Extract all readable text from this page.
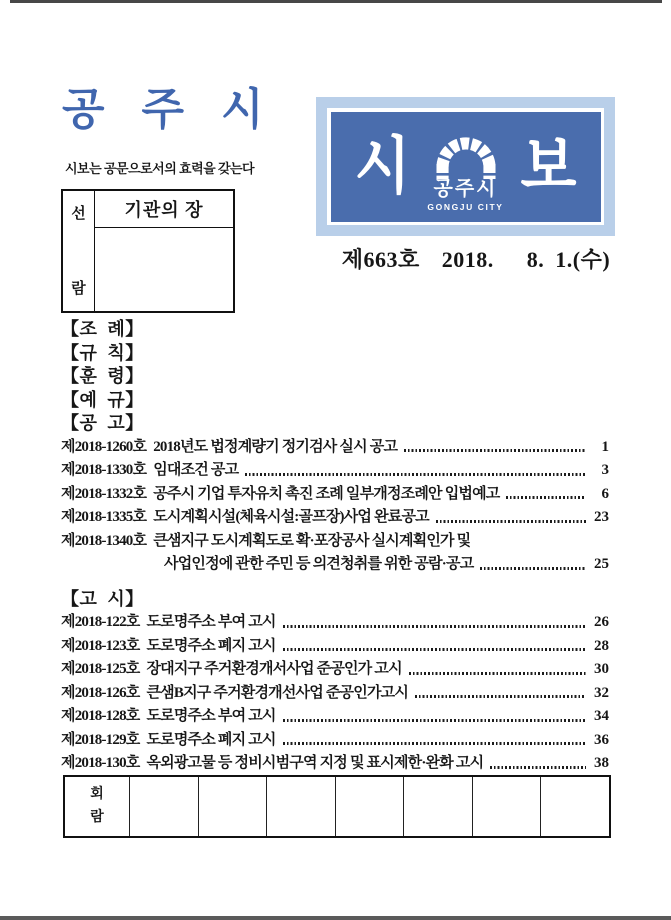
공 주 시
시보는 공문으로서의 효력을 갖는다
선
람
기관의 장
시 공주시
GONGJU CITY
보
제663호  2018.   8. 1.(수)
【조  례】
【규  칙】
【훈  령】
【예  규】
【공  고】
제2018-1260호 2018년도 법정계량기 정기검사 실시 공고	1
제2018-1330호 임대조건 공고	3
제2018-1332호 공주시 기업 투자유치 촉진 조례 일부개정조례안 입법예고	6
제2018-1335호 도시계획시설(체육시설:골프장)사업 완료공고	23
제2018-1340호 큰샘지구 도시계획도로 확·포장공사 실시계획인가 및
사업인정에 관한 주민 등 의견청취를 위한 공람·공고	25
【고  시】
제2018-122호 도로명주소 부여 고시	26
제2018-123호 도로명주소 폐지 고시	28
제2018-125호 장대지구 주거환경개서사업 준공인가 고시	30
제2018-126호 큰샘B지구 주거환경개선사업 준공인가고시	32
제2018-128호 도로명주소 부여 고시	34
제2018-129호 도로명주소 폐지 고시	36
제2018-130호 옥외광고물 등 정비시범구역 지정 및 표시제한·완화 고시	38
회
람
